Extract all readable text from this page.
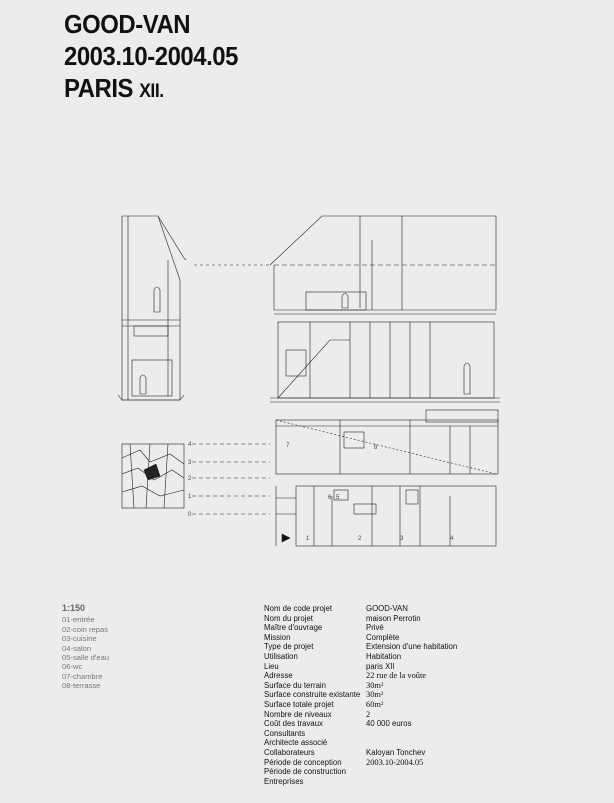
GOOD-VAN
2003.10-2004.05
PARIS XII.
7	8
1	2	3	4
5
6
0
1
2
3
4
1:150
01-entrée
02-coin repas
03-cuisine
04-salon
05-salle d'eau
06-wc
07-chambre
08-terrasse
Nom de code projet	GOOD-VAN
Nom du projet	maison Perrotin
Maître d'ouvrage	Privé
Mission	Complète
Type de projet	Extension d'une habitation
Utilisation	Habitation
Lieu	paris XII
Adresse	22 rue de la voûte
Surface du terrain	30m²
Surface construite existante 30m²
Surface totale projet	60m²
Nombre de niveaux	2
Coût des travaux	40 000 euros
Consultants
Architecte associé
Collaborateurs	Kaloyan Tonchev
Période de conception	2003.10-2004.05
Période de construction
Entreprises
